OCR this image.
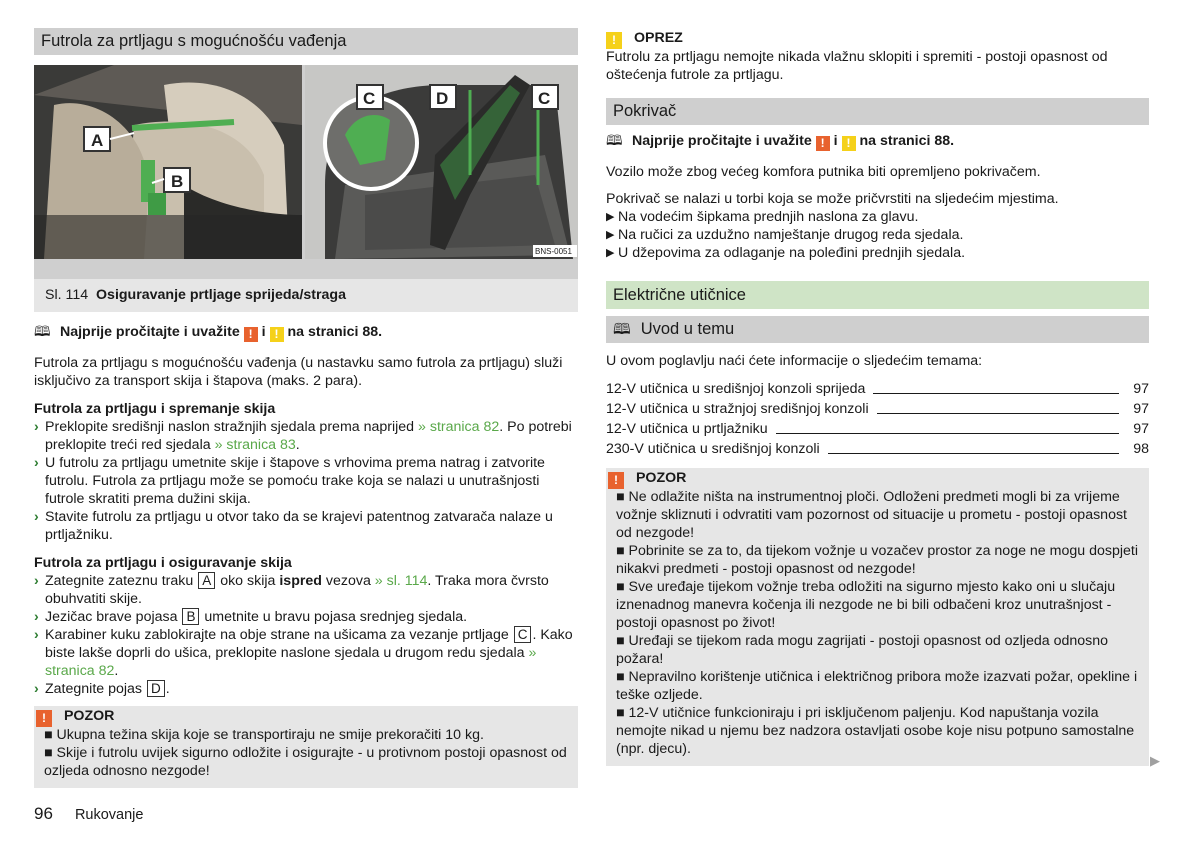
Futrola za prtljagu s mogućnošću vađenja
A
B
C	D	C
BNS-0051
Sl. 114 Osiguravanje prtljage sprijeda/straga
🕮 Najprije pročitajte i uvažite ! i ! na stranici 88.

Futrola za prtljagu s mogućnošću vađenja (u nastavku samo futrola za prtljagu) služi isključivo za transport skija i štapova (maks. 2 para).

Futrola za prtljagu i spremanje skija

› Preklopite središnji naslon stražnjih sjedala prema naprijed » stranica 82. Po potrebi preklopite treći red sjedala » stranica 83.
› U futrolu za prtljagu umetnite skije i štapove s vrhovima prema natrag i zatvorite futrolu. Futrola za prtljagu može se pomoću trake koja se nalazi u unutrašnjosti futrole skratiti prema dužini skija.
› Stavite futrolu za prtljagu u otvor tako da se krajevi patentnog zatvarača nalaze u prtljažniku.

Futrola za prtljagu i osiguravanje skija

› Zategnite zateznu traku A oko skija ispred vezova » sl. 114. Traka mora čvrsto obuhvatiti skije.
› Jezičac brave pojasa B umetnite u bravu pojasa srednjeg sjedala.
› Karabiner kuku zablokirajte na obje strane na ušicama za vezanje prtljage C . Kako biste lakše doprli do ušica, preklopite naslone sjedala u drugom redu sjedala » stranica 82.
› Zategnite pojas D .
! POZOR

■ Ukupna težina skija koje se transportiraju ne smije prekoračiti 10 kg.

■ Skije i futrolu uvijek sigurno odložite i osigurajte - u protivnom postoji opasnost od ozljeda odnosno nezgode!

! OPREZ

Futrolu za prtljagu nemojte nikada vlažnu sklopiti i spremiti - postoji opasnost od oštećenja futrole za prtljagu.

Pokrivač
🕮 Najprije pročitajte i uvažite ! i ! na stranici 88.

Vozilo može zbog većeg komfora putnika biti opremljeno pokrivačem.

Pokrivač se nalazi u torbi koja se može pričvrstiti na sljedećim mjestima.

▶ Na vodećim šipkama prednjih naslona za glavu.
▶ Na ručici za uzdužno namještanje drugog reda sjedala.
▶ U džepovima za odlaganje na poleđini prednjih sjedala.
Električne utičnice
🕮 Uvod u temu

U ovom poglavlju naći ćete informacije o sljedećim temama:

12-V utičnica u središnjoj konzoli sprijeda	97
12-V utičnica u stražnjoj središnjoj konzoli	97
12-V utičnica u prtljažniku	97
230-V utičnica u središnjoj konzoli	98
! POZOR

■ Ne odlažite ništa na instrumentnoj ploči. Odloženi predmeti mogli bi za vrijeme vožnje skliznuti i odvratiti vam pozornost od situacije u prometu - postoji opasnost od nezgode!

■ Pobrinite se za to, da tijekom vožnje u vozačev prostor za noge ne mogu dospjeti nikakvi predmeti - postoji opasnost od nezgode!

■ Sve uređaje tijekom vožnje treba odložiti na sigurno mjesto kako oni u slučaju iznenadnog manevra kočenja ili nezgode ne bi bili odbačeni kroz unutrašnjost - postoji opasnost po život!

■ Uređaji se tijekom rada mogu zagrijati - postoji opasnost od ozljeda odnosno požara!

■ Nepravilno korištenje utičnica i električnog pribora može izazvati požar, opekline i teške ozljede.

■ 12-V utičnice funkcioniraju i pri isključenom paljenju. Kod napuštanja vozila nemojte nikad u njemu bez nadzora ostavljati osobe koje nisu potpuno samostalne (npr. djecu).

▶
96 Rukovanje
